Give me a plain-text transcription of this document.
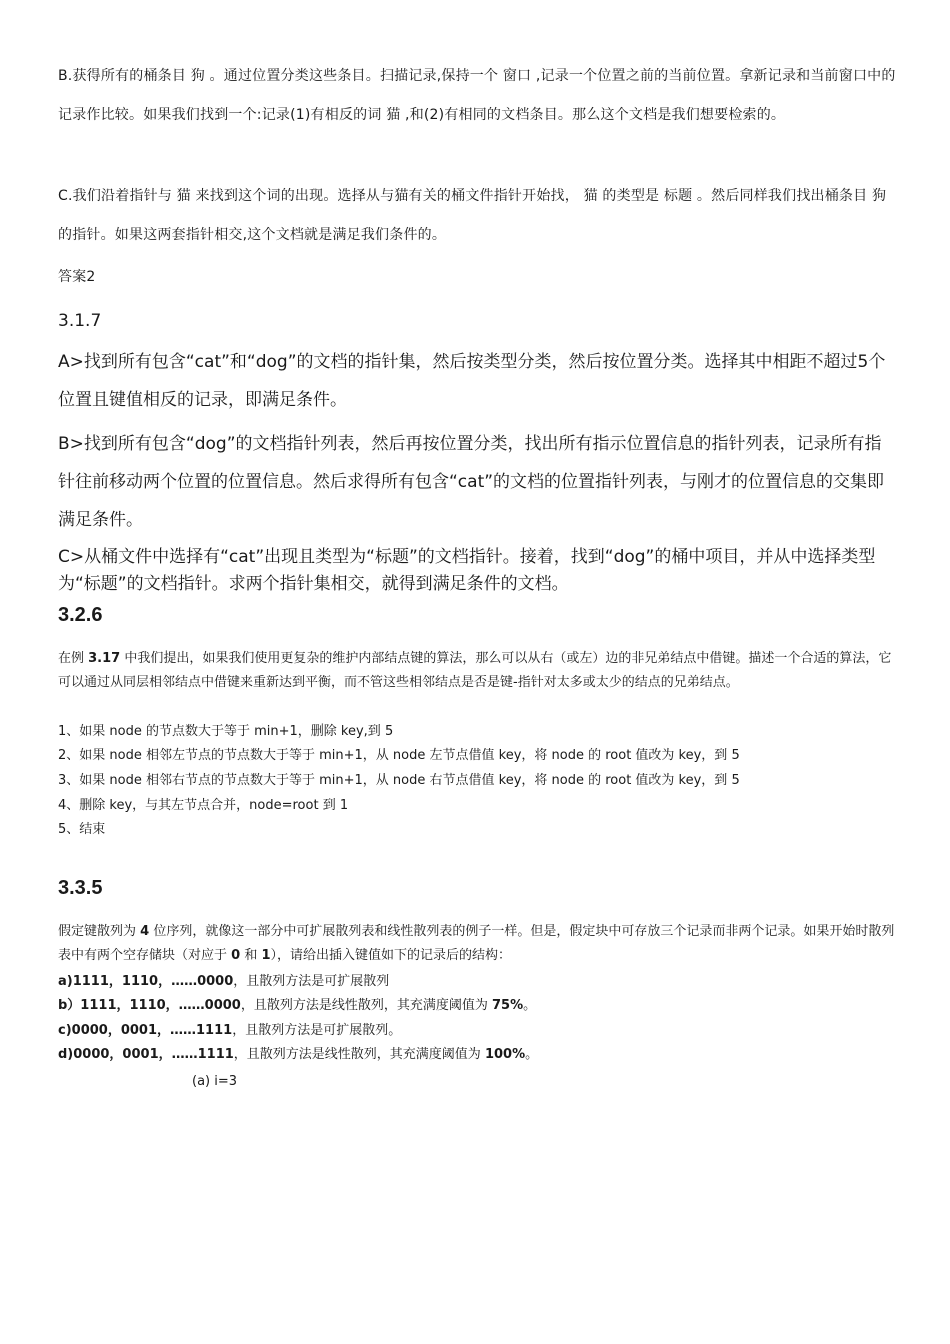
B.获得所有的桶条目 狗 。通过位置分类这些条目。扫描记录,保持一个 窗口 ,记录一个位置之前的当前位置。拿新记录和当前窗口中的记录作比较。如果我们找到一个:记录(1)有相反的词 猫 ,和(2)有相同的文档条目。那么这个文档是我们想要检索的。

C.我们沿着指针与 猫 来找到这个词的出现。选择从与猫有关的桶文件指针开始找， 猫 的类型是 标题 。然后同样我们找出桶条目 狗 的指针。如果这两套指针相交,这个文档就是满足我们条件的。

答案2

3.1.7

A>找到所有包含“cat”和“dog”的文档的指针集，然后按类型分类，然后按位置分类。选择其中相距不超过5个位置且键值相反的记录，即满足条件。

B>找到所有包含“dog”的文档指针列表，然后再按位置分类，找出所有指示位置信息的指针列表，记录所有指针往前移动两个位置的位置信息。然后求得所有包含“cat”的文档的位置指针列表，与刚才的位置信息的交集即满足条件。

C>从桶文件中选择有“cat”出现且类型为“标题”的文档指针。接着，找到“dog”的桶中项目，并从中选择类型为“标题”的文档指针。求两个指针集相交，就得到满足条件的文档。

3.2.6

在例 3.17 中我们提出，如果我们使用更复杂的维护内部结点键的算法，那么可以从右（或左）边的非兄弟结点中借键。描述一个合适的算法，它可以通过从同层相邻结点中借键来重新达到平衡，而不管这些相邻结点是否是键-指针对太多或太少的结点的兄弟结点。

1、如果 node 的节点数大于等于 min+1，删除 key,到 5

2、如果 node 相邻左节点的节点数大于等于 min+1，从 node 左节点借值 key，将 node 的 root 值改为 key，到 5

3、如果 node 相邻右节点的节点数大于等于 min+1，从 node 右节点借值 key，将 node 的 root 值改为 key，到 5

4、删除 key，与其左节点合并，node=root 到 1

5、结束

3.3.5

假定键散列为 4 位序列，就像这一部分中可扩展散列表和线性散列表的例子一样。但是，假定块中可存放三个记录而非两个记录。如果开始时散列表中有两个空存储块（对应于 0 和 1），请给出插入键值如下的记录后的结构：

a)1111，1110，……0000，且散列方法是可扩展散列

b）1111，1110，……0000，且散列方法是线性散列，其充满度阈值为 75%。

c)0000，0001，……1111，且散列方法是可扩展散列。

d)0000，0001，……1111，且散列方法是线性散列，其充满度阈值为 100%。

(a) i=3
